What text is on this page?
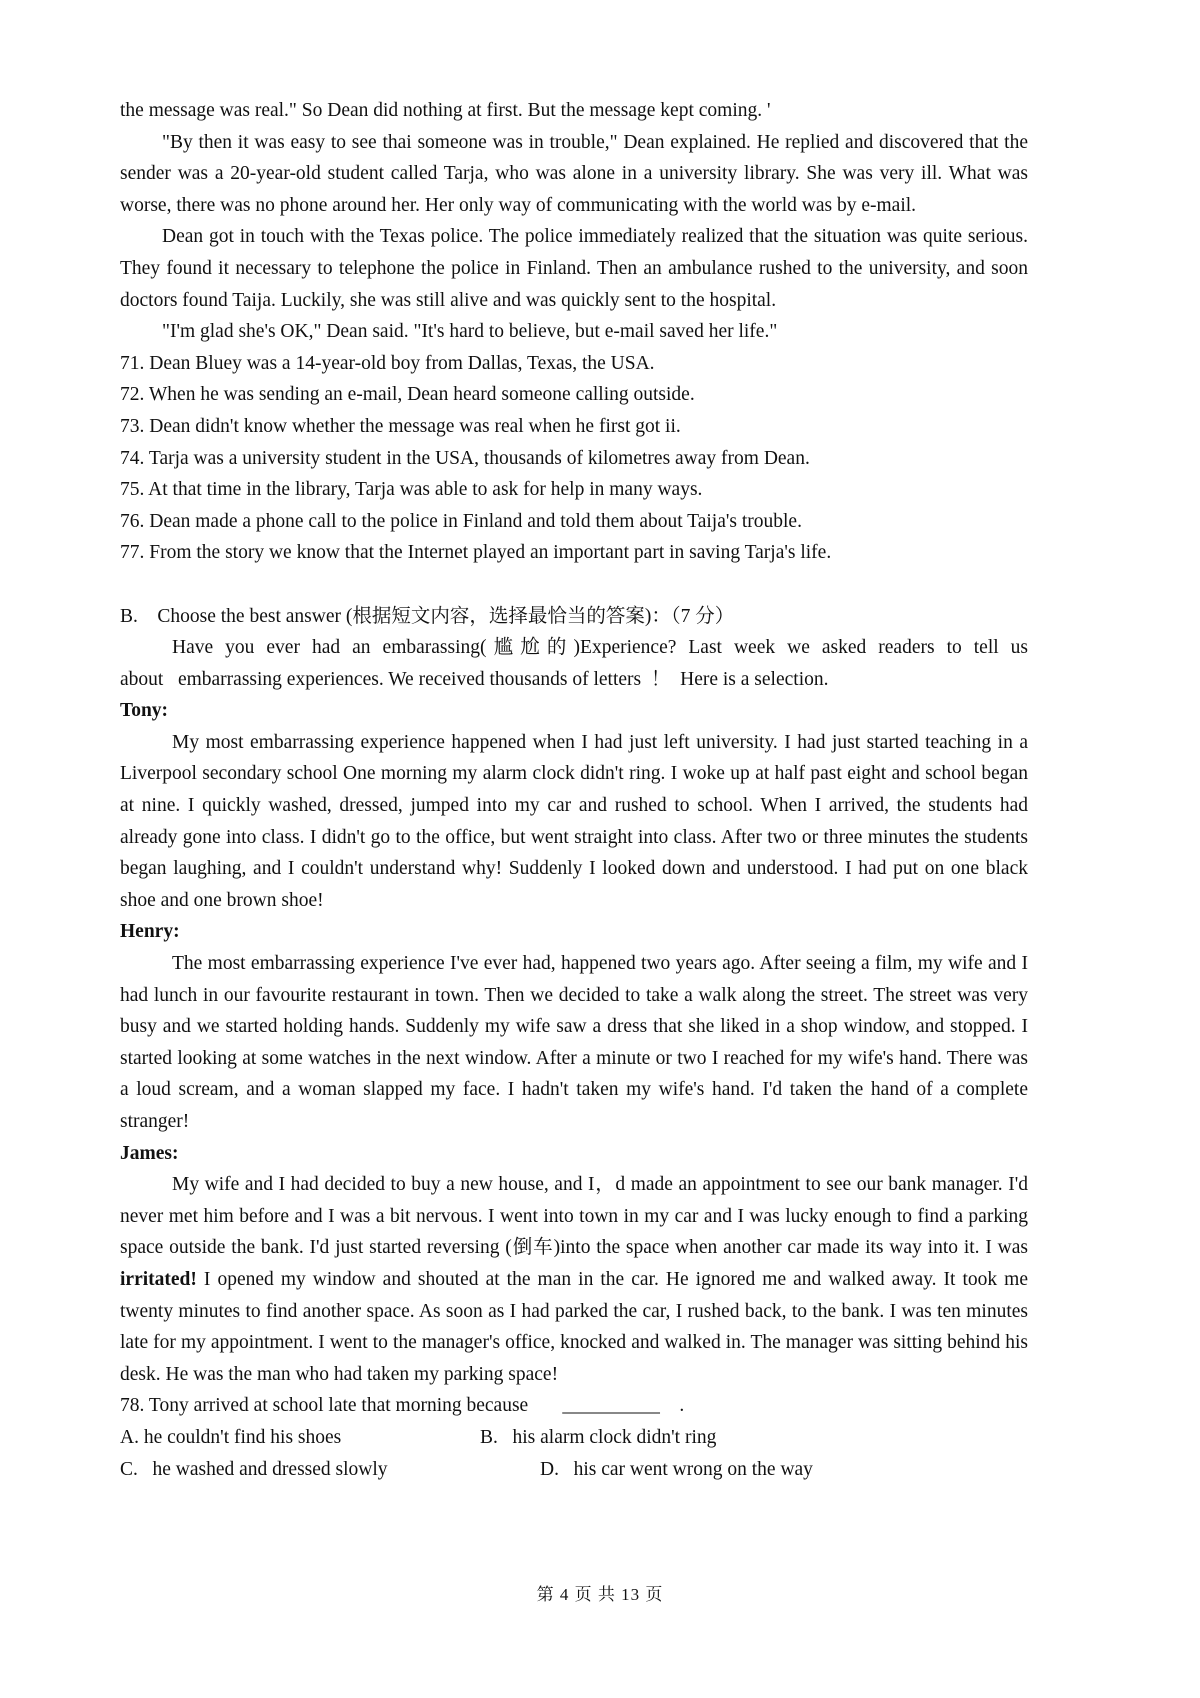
the message was real." So Dean did nothing at first. But the message kept coming. '

"By then it was easy to see thai someone was in trouble," Dean explained. He replied and discovered that the sender was a 20-year-old student called Tarja, who was alone in a university library. She was very ill. What was worse, there was no phone around her. Her only way of communicating with the world was by e-mail.

Dean got in touch with the Texas police. The police immediately realized that the situation was quite serious. They found it necessary to telephone the police in Finland. Then an ambulance rushed to the university, and soon doctors found Taija. Luckily, she was still alive and was quickly sent to the hospital.

"I'm glad she's OK," Dean said. "It's hard to believe, but e-mail saved her life."

71. Dean Bluey was a 14-year-old boy from Dallas, Texas, the USA.

72. When he was sending an e-mail, Dean heard someone calling outside.

73. Dean didn't know whether the message was real when he first got ii.

74. Tarja was a university student in the USA, thousands of kilometres away from Dean.

75. At that time in the library, Tarja was able to ask for help in many ways.

76. Dean made a phone call to the police in Finland and told them about Taija's trouble.

77. From the story we know that the Internet played an important part in saving Tarja's life.

B.    Choose the best answer (根据短文内容，选择最恰当的答案)：（7 分）

Have you ever had an embarassing(尴尬的)Experience? Last week we asked readers to tell us about   embarrassing experiences. We received thousands of letters  ！  Here is a selection.

Tony:

My most embarrassing experience happened when I had just left university. I had just started teaching in a Liverpool secondary school One morning my alarm clock didn't ring. I woke up at half past eight and school began at nine. I quickly washed, dressed, jumped into my car and rushed to school. When I arrived, the students had already gone into class. I didn't go to the office, but went straight into class. After two or three minutes the students began laughing, and I couldn't understand why! Suddenly I looked down and understood. I had put on one black shoe and one brown shoe!

Henry:

The most embarrassing experience I've ever had, happened two years ago. After seeing a film, my wife and I had lunch in our favourite restaurant in town. Then we decided to take a walk along the street. The street was very busy and we started holding hands. Suddenly my wife saw a dress that she liked in a shop window, and stopped. I started looking at some watches in the next window. After a minute or two I reached for my wife's hand. There was a loud scream, and a woman slapped my face. I hadn't taken my wife's hand. I'd taken the hand of a complete stranger!

James:

My wife and I had decided to buy a new house, and I，d made an appointment to see our bank manager. I'd never met him before and I was a bit nervous. I went into town in my car and I was lucky enough to find a parking space outside the bank. I'd just started reversing (倒车)into the space when another car made its way into it. I was irritated! I opened my window and shouted at the man in the car. He ignored me and walked away. It took me twenty minutes to find another space. As soon as I had parked the car, I rushed back, to the bank. I was ten minutes late for my appointment. I went to the manager's office, knocked and walked in. The manager was sitting behind his desk. He was the man who had taken my parking space!

78. Tony arrived at school late that morning because       __________    .

A. he couldn't find his shoes	B.   his alarm clock didn't ring
C.   he washed and dressed slowly	D.   his car went wrong on the way
第 4 页 共 13 页
